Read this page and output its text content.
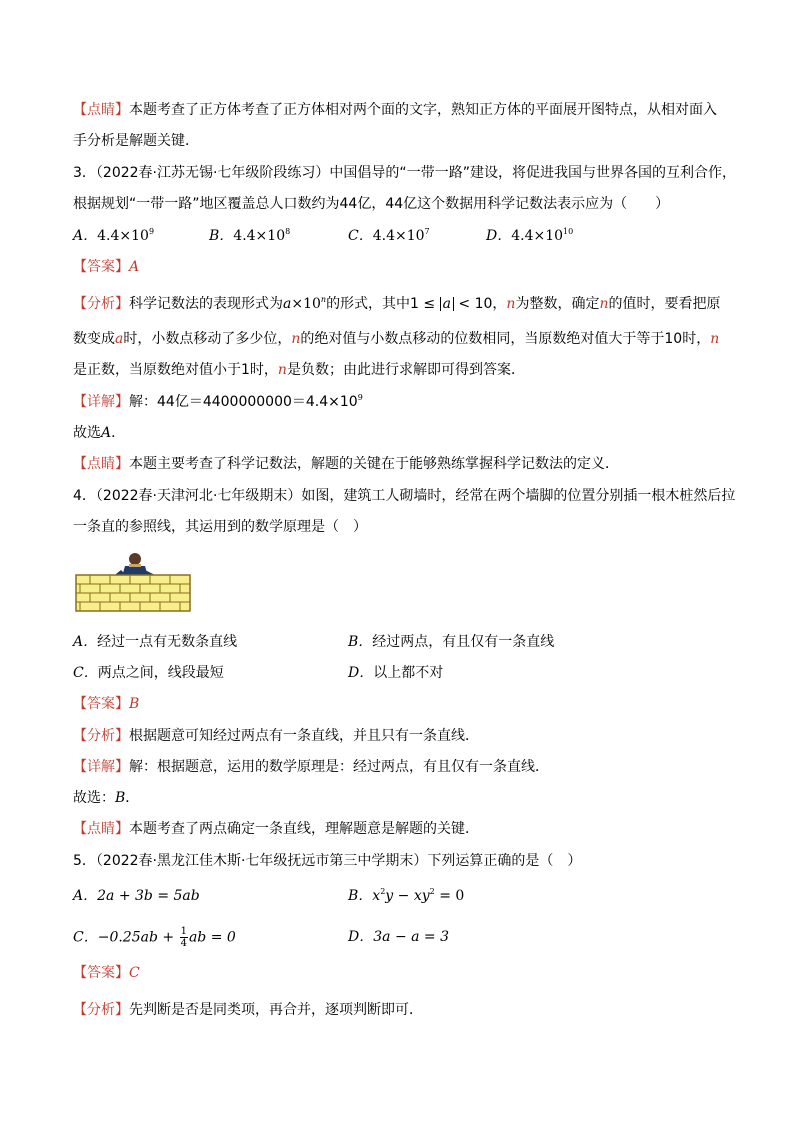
【点睛】本题考查了正方体考查了正方体相对两个面的文字，熟知正方体的平面展开图特点，从相对面入
手分析是解题关键．
3．（2022春·江苏无锡·七年级阶段练习）中国倡导的“一带一路”建设，将促进我国与世界各国的互利合作，
根据规划“一带一路”地区覆盖总人口数约为44亿，44亿这个数据用科学记数法表示应为（　　）
A．$4.4\times 10^9$	B．$4.4\times 10^8$	C．$4.4\times 10^7$	D．$4.4\times 10^{10}$
【答案】A
【分析】科学记数法的表现形式为$a\times 10^n$的形式，其中1 ≤ a < 10，n为整数，确定n的值时，要看把原
数变成a时，小数点移动了多少位，n的绝对值与小数点移动的位数相同，当原数绝对值大于等于10时，n
是正数，当原数绝对值小于1时，n是负数；由此进行求解即可得到答案．
【详解】解：44亿$=4400000000=4.4\times 10^9$
故选A．
【点睛】本题主要考查了科学记数法，解题的关键在于能够熟练掌握科学记数法的定义．
4．（2022春·天津河北·七年级期末）如图，建筑工人砌墙时，经常在两个墙脚的位置分别插一根木桩然后拉
一条直的参照线，其运用到的数学原理是（　）
A．经过一点有无数条直线	B．经过两点，有且仅有一条直线
C．两点之间，线段最短	D．以上都不对
【答案】B
【分析】根据题意可知经过两点有一条直线，并且只有一条直线．
【详解】解：根据题意，运用的数学原理是：经过两点，有且仅有一条直线．
故选：B．
【点睛】本题考查了两点确定一条直线，理解题意是解题的关键．
5．（2022春·黑龙江佳木斯·七年级抚远市第三中学期末）下列运算正确的是（　）
A．2a + 3b = 5ab	B．$x^2y - xy^2 = 0$
C．$-0.25ab + \frac{1}{4}$ ab = 0	D．3a − a = 3
【答案】C
【分析】先判断是否是同类项，再合并，逐项判断即可．
